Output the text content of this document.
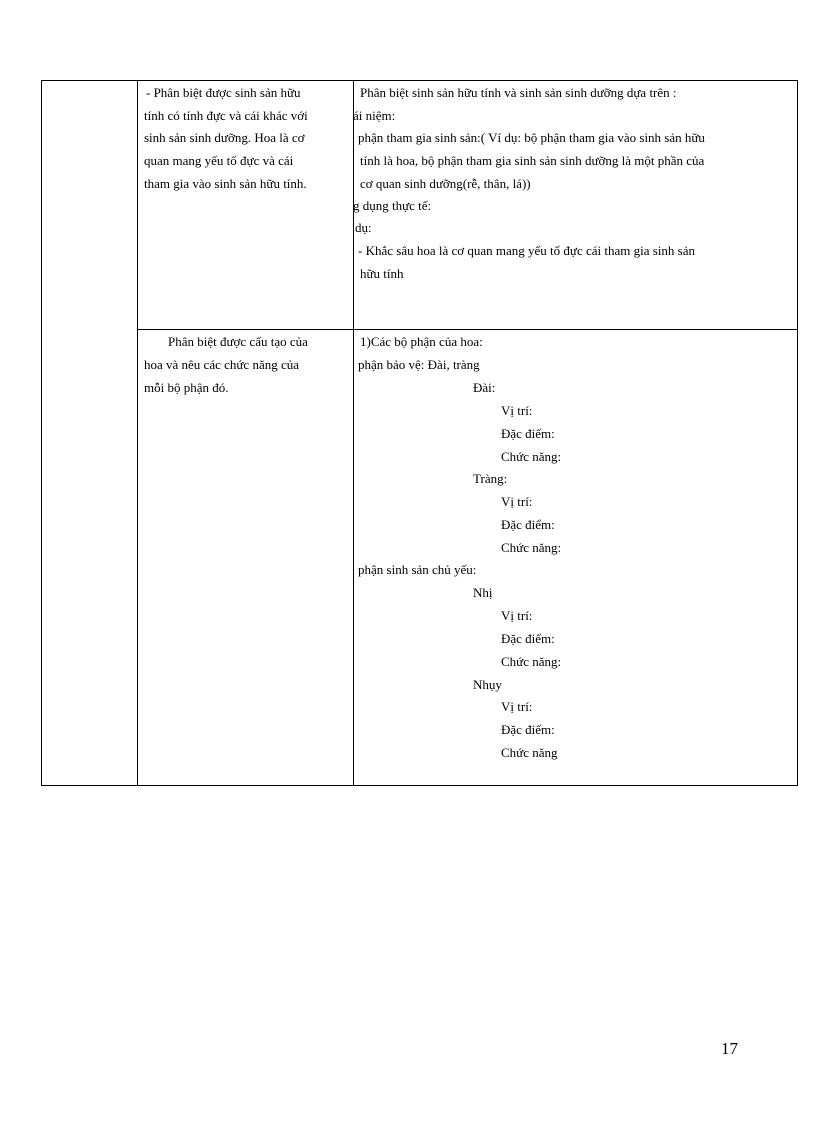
- Phân biệt được sinh sản hữu
tính có tính đực và cái khác với
sinh sản sinh dưỡng. Hoa là cơ
quan mang yếu tố đực và cái
tham gia vào sinh sản hữu tính.
Phân biệt sinh sản hữu tính và sinh sản sinh dưỡng dựa trên :
ái niệm:
phận tham gia sinh sản:( Ví dụ: bộ phận tham gia vào sinh sản hữu
tính là hoa, bộ phận tham gia sinh sản sinh dưỡng là một phần của
cơ quan sinh dưỡng(rễ, thân, lá))
g dụng thực tế:
dụ:
- Khắc sâu hoa là cơ quan mang yếu tố đực cái tham gia sinh sản
hữu tính
Phân biệt được cấu tạo của
hoa và nêu các chức năng của
mỗi bộ phận đó.
1)Các bộ phận của hoa:
phận bảo vệ: Đài, tràng
Đài:
Vị trí:
Đặc điểm:
Chức năng:
Tràng:
Vị trí:
Đặc điểm:
Chức năng:
phận sinh sản chủ yếu:
Nhị
Vị trí:
Đặc điểm:
Chức năng:
Nhụy
Vị trí:
Đặc điểm:
Chức năng
17
